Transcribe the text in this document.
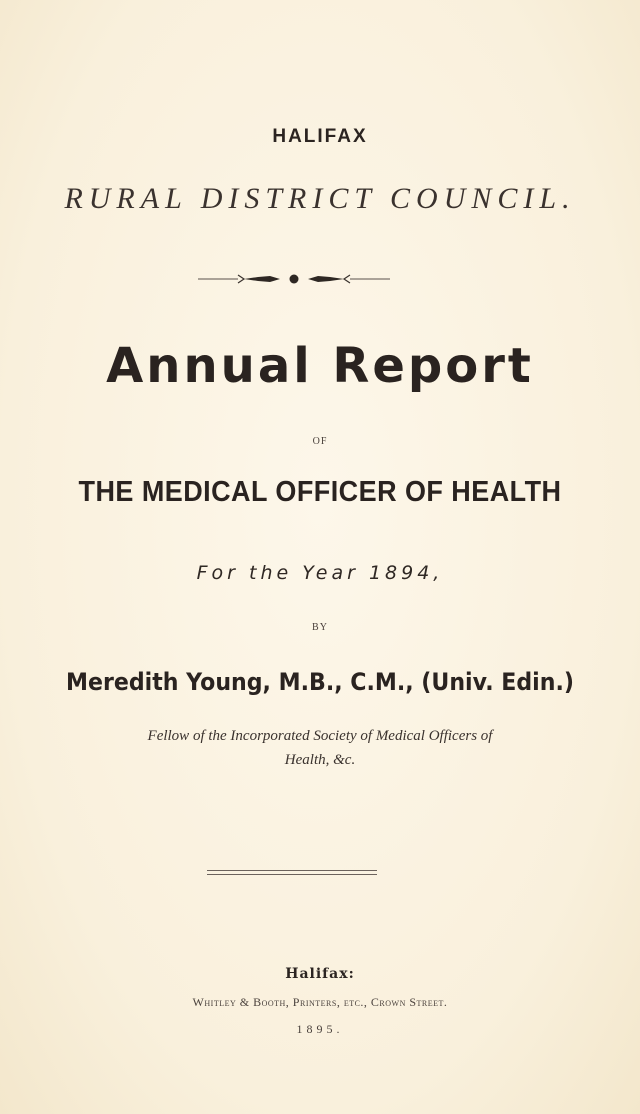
HALIFAX
RURAL DISTRICT COUNCIL.
Annual Report
OF
THE MEDICAL OFFICER OF HEALTH
For the Year 1894,
BY
Meredith Young, M.B., C.M., (Univ. Edin.)
Fellow of the Incorporated Society of Medical Officers of
Health, &c.
Halifax:
Whitley & Booth, Printers, etc., Crown Street.
1895.
